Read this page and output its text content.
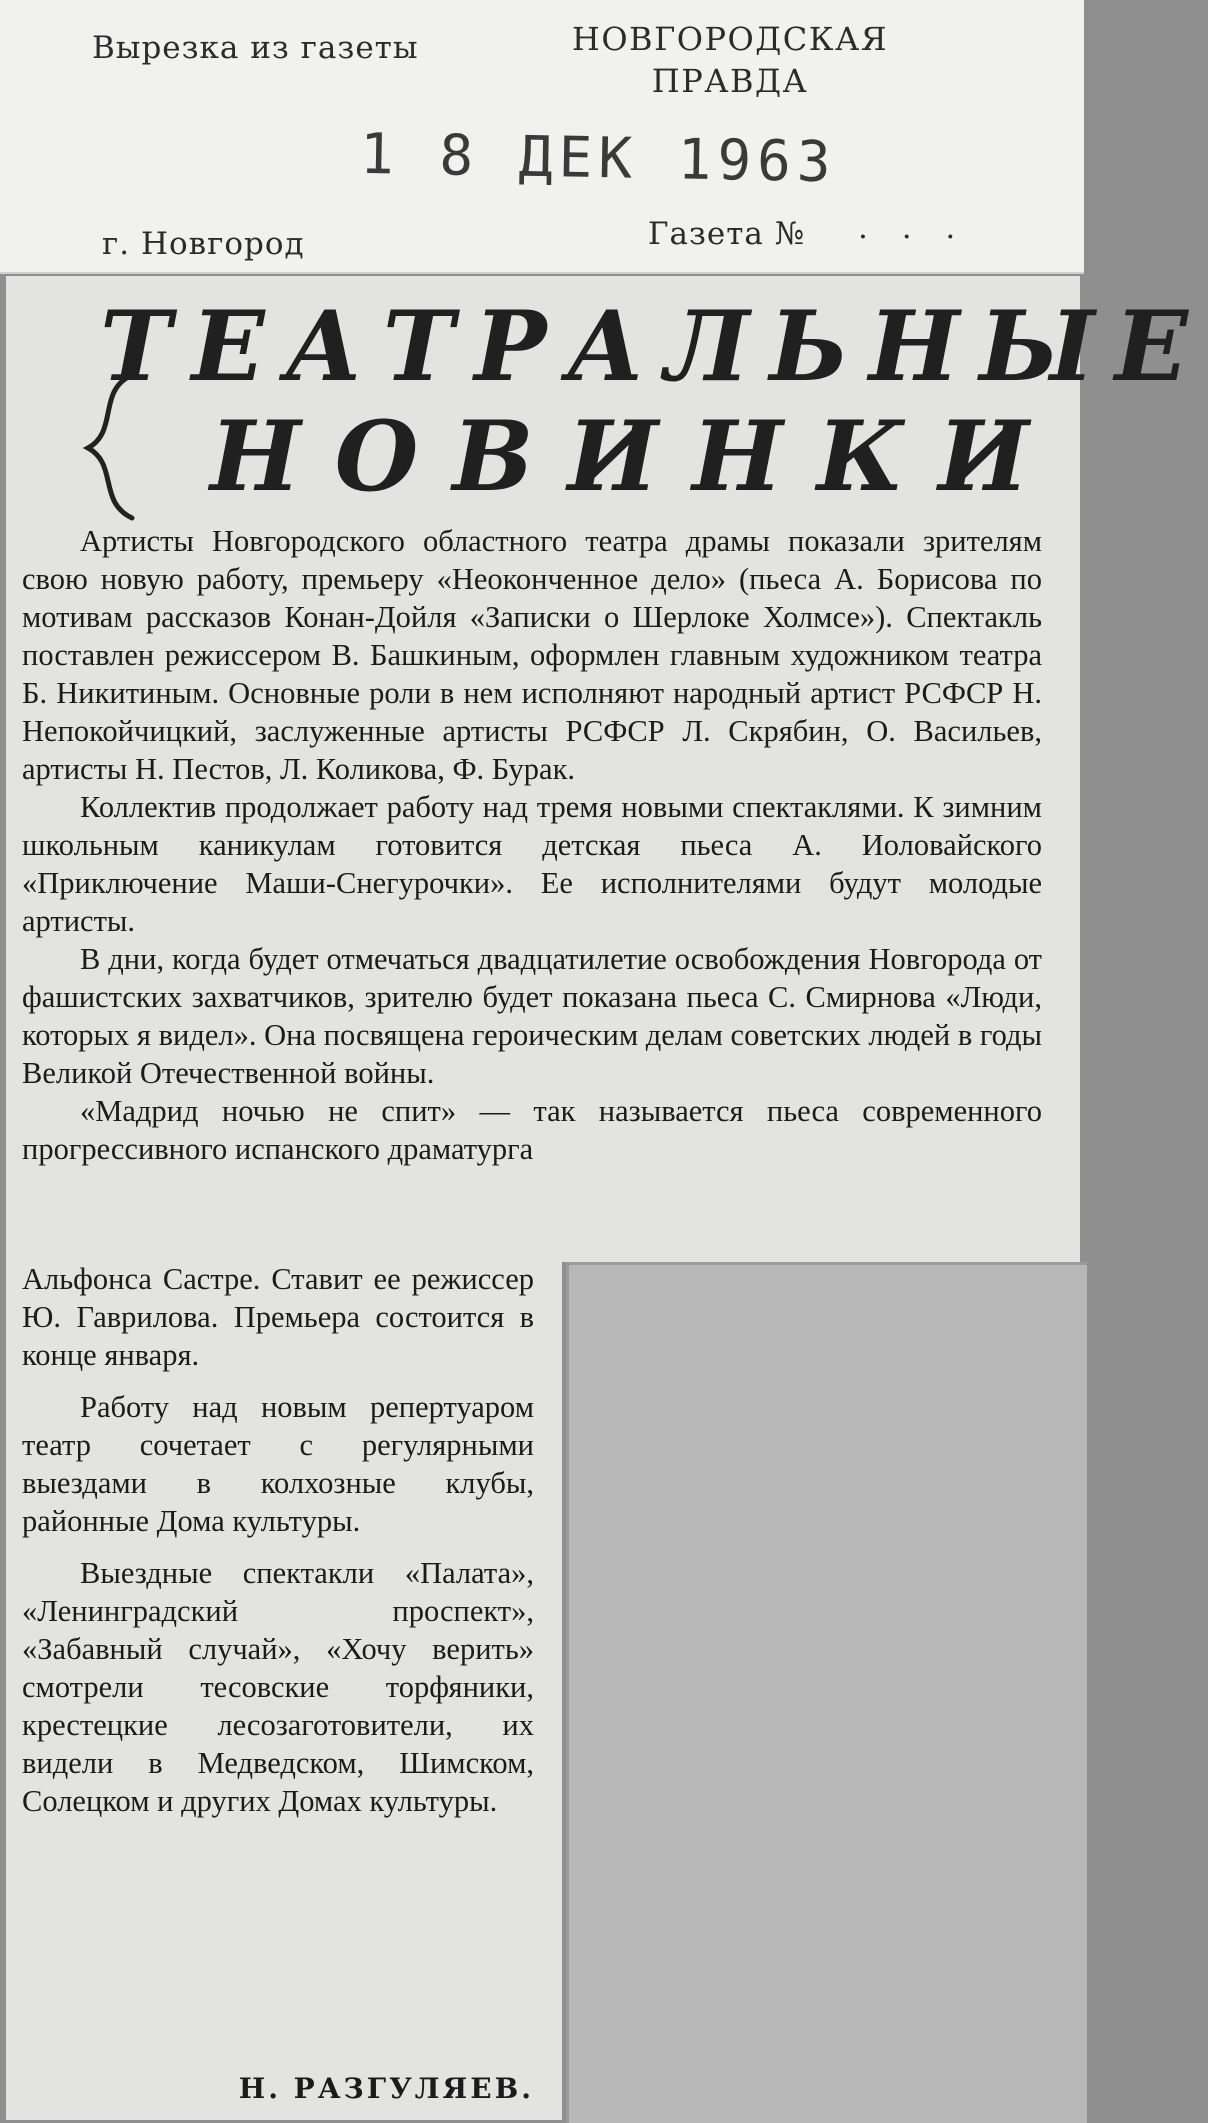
Вырезка из газеты	НОВГОРОДСКАЯ
ПРАВДА
1 8 ДЕК 1963
г. Новгород	Газета № . . .
ТЕАТРАЛЬНЫЕ
НОВИНКИ

Артисты Новгородского областного театра драмы показали зрителям свою новую работу, премьеру «Неоконченное дело» (пьеса А. Борисова по мотивам рассказов Конан-Дойля «Записки о Шерлоке Холмсе»). Спектакль поставлен режиссером В. Башкиным, оформлен главным художником театра Б. Никитиным. Основные роли в нем исполняют народный артист РСФСР Н. Непокойчицкий, заслуженные артисты РСФСР Л. Скрябин, О. Васильев, артисты Н. Пестов, Л. Коликова, Ф. Бурак.

Коллектив продолжает работу над тремя новыми спектаклями. К зимним школьным каникулам готовится детская пьеса А. Иоловайского «Приключение Маши-Снегурочки». Ее исполнителями будут молодые артисты.

В дни, когда будет отмечаться двадцатилетие освобождения Новгорода от фашистских захватчиков, зрителю будет показана пьеса С. Смирнова «Люди, которых я видел». Она посвящена героическим делам советских людей в годы Великой Отечественной войны.

«Мадрид ночью не спит» — так называется пьеса современного прогрессивного испанского драматурга

Альфонса Састре. Ставит ее режиссер Ю. Гаврилова. Премьера состоится в конце января.

Работу над новым репертуаром театр сочетает с регулярными выездами в колхозные клубы, районные Дома культуры.

Выездные спектакли «Палата», «Ленинградский проспект», «Забавный случай», «Хочу верить» смотрели тесовские торфяники, крестецкие лесозаготовители, их видели в Медведском, Шимском, Солецком и других Домах культуры.

Н. РАЗГУЛЯЕВ.
